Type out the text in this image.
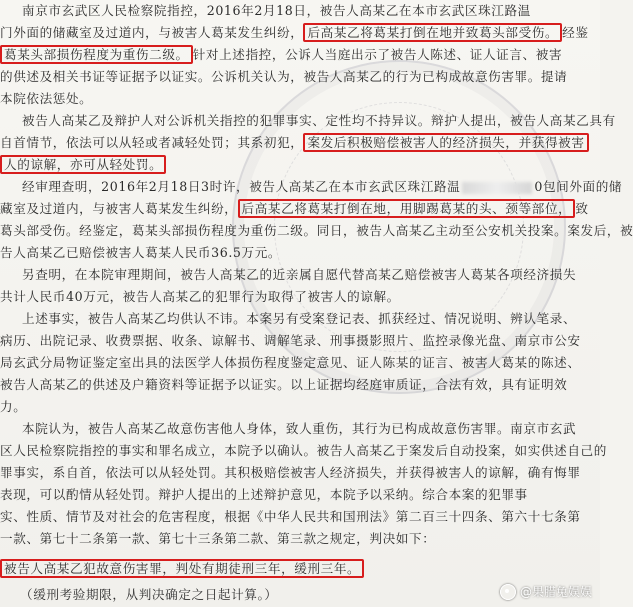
南京市玄武区人民检察院指控，2016年2月18日，被告人高某乙在本市玄武区珠江路温
门外面的储藏室及过道内，与被害人葛某发生纠纷， 后高某乙将葛某打倒在地并致葛头部受伤。 经鉴
葛某头部损伤程度为重伤二级。 针对上述指控，公诉人当庭出示了被告人陈述、证人证言、被害
的供述及相关书证等证据予以证实。公诉机关认为，被告人高某乙的行为已构成故意伤害罪。提请
本院依法惩处。
被告人高某乙及辩护人对公诉机关指控的犯罪事实、定性均不持异议。辩护人提出，被告人高某乙具有
自首情节，依法可以从轻或者减轻处罚；其系初犯， 案发后积极赔偿被害人的经济损失，并获得被害
人的谅解，亦可从轻处罚。
经审理查明，2016年2月18日3时许，被告人高某乙在本市玄武区珠江路温	0包间外面的储
藏室及过道内，与被害人葛某发生纠纷， 后高某乙将葛某打倒在地，用脚踢葛某的头、颈等部位， 致
葛头部受伤。经鉴定，葛某头部损伤程度为重伤二级。同日，被告人高某乙主动至公安机关投案。案发后，被
告人高某乙已赔偿被害人葛某人民币36.5万元。
另查明，在本院审理期间，被告人高某乙的近亲属自愿代替高某乙赔偿被害人葛某各项经济损失
共计人民币40万元，被告人高某乙的犯罪行为取得了被害人的谅解。
上述事实，被告人高某乙均供认不讳。本案另有受案登记表、抓获经过、情况说明、辨认笔录、
病历、出院记录、收费票据、收条、谅解书、调解笔录、刑事摄影照片、监控录像光盘、南京市公安
局玄武分局物证鉴定室出具的法医学人体损伤程度鉴定意见、证人陈某的证言、被害人葛某的陈述、
被告人高某乙的供述及户籍资料等证据予以证实。以上证据均经庭审质证，合法有效，具有证明效
力。
本院认为，被告人高某乙故意伤害他人身体，致人重伤，其行为已构成故意伤害罪。南京市玄武
区人民检察院指控的事实和罪名成立，本院予以确认。被告人高某乙于案发后自动投案，如实供述自己的
罪事实，系自首，依法可以从轻处罚。其积极赔偿被害人经济损失，并获得被害人的谅解，确有悔罪
表现，可以酌情从轻处罚。辩护人提出的上述辩护意见，本院予以采纳。综合本案的犯罪事
实、性质、情节及对社会的危害程度，根据《中华人民共和国刑法》第二百三十四条、第六十七条第
一款、第七十二条第一款、第七十三条第二款、第三款之规定，判决如下：
被告人高某乙犯故意伤害罪，判处有期徒刑三年，缓刑三年。
（缓刑考验期限，从判决确定之日起计算。）	@果腊兔娱娱
